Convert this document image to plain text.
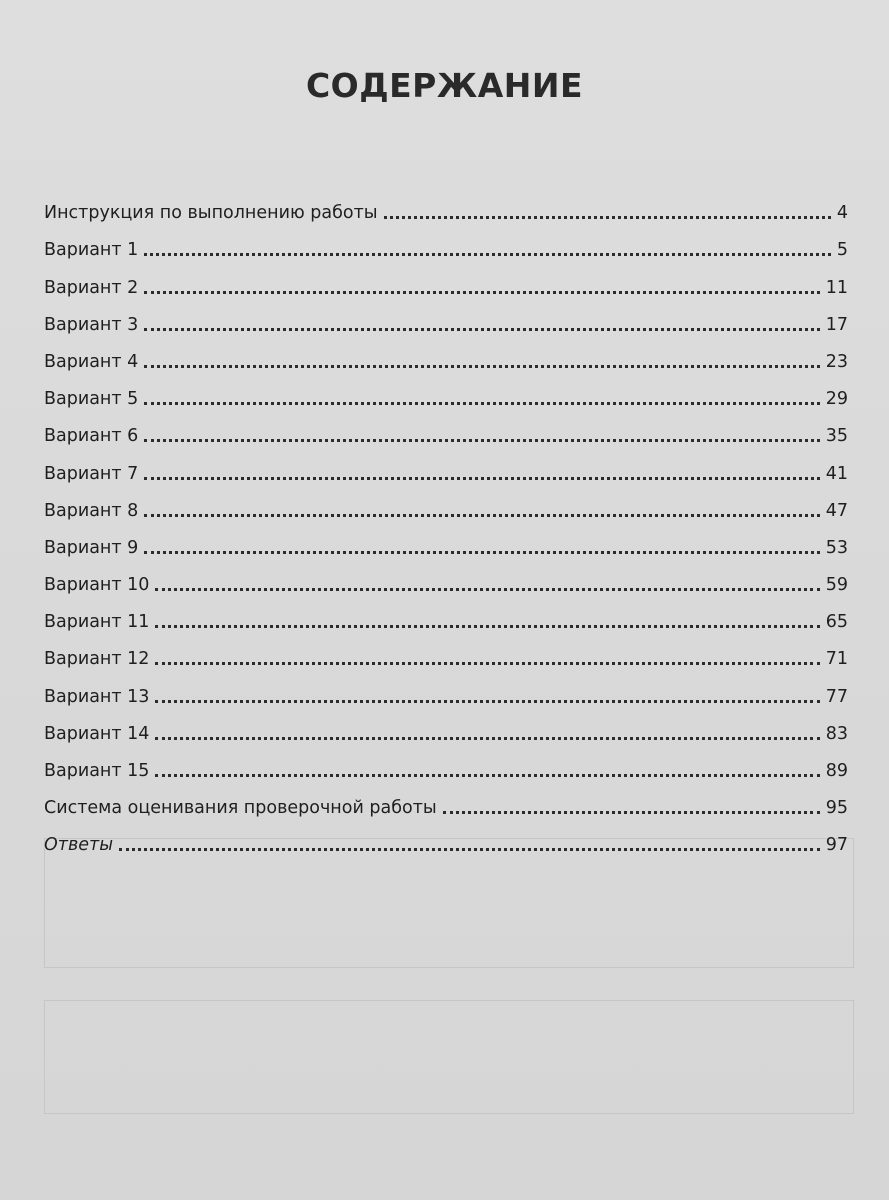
СОДЕРЖАНИЕ
Инструкция по выполнению работы	4
Вариант 1	5
Вариант 2	11
Вариант 3	17
Вариант 4	23
Вариант 5	29
Вариант 6	35
Вариант 7	41
Вариант 8	47
Вариант 9	53
Вариант 10	59
Вариант 11	65
Вариант 12	71
Вариант 13	77
Вариант 14	83
Вариант 15	89
Система оценивания проверочной работы	95
Ответы	97
